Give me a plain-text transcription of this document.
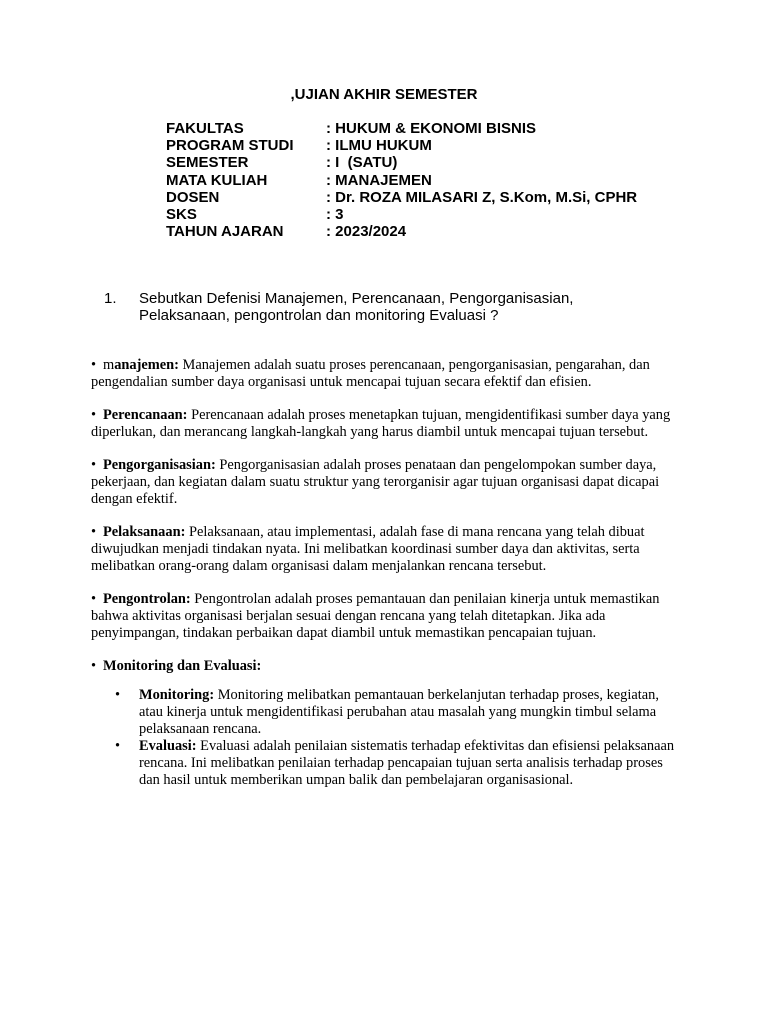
,UJIAN AKHIR SEMESTER
FAKULTAS	: HUKUM & EKONOMI BISNIS
PROGRAM STUDI	: ILMU HUKUM
SEMESTER	: I  (SATU)
MATA KULIAH	: MANAJEMEN
DOSEN	: Dr. ROZA MILASARI Z, S.Kom, M.Si, CPHR
SKS	: 3
TAHUN AJARAN	: 2023/2024
1.	Sebutkan Defenisi Manajemen, Perencanaan, Pengorganisasian, Pelaksanaan, pengontrolan dan monitoring Evaluasi ?
• manajemen: Manajemen adalah suatu proses perencanaan, pengorganisasian, pengarahan, dan pengendalian sumber daya organisasi untuk mencapai tujuan secara efektif dan efisien.
• Perencanaan: Perencanaan adalah proses menetapkan tujuan, mengidentifikasi sumber daya yang diperlukan, dan merancang langkah-langkah yang harus diambil untuk mencapai tujuan tersebut.
• Pengorganisasian: Pengorganisasian adalah proses penataan dan pengelompokan sumber daya, pekerjaan, dan kegiatan dalam suatu struktur yang terorganisir agar tujuan organisasi dapat dicapai dengan efektif.
• Pelaksanaan: Pelaksanaan, atau implementasi, adalah fase di mana rencana yang telah dibuat diwujudkan menjadi tindakan nyata. Ini melibatkan koordinasi sumber daya dan aktivitas, serta melibatkan orang-orang dalam organisasi dalam menjalankan rencana tersebut.
• Pengontrolan: Pengontrolan adalah proses pemantauan dan penilaian kinerja untuk memastikan bahwa aktivitas organisasi berjalan sesuai dengan rencana yang telah ditetapkan. Jika ada penyimpangan, tindakan perbaikan dapat diambil untuk memastikan pencapaian tujuan.
• Monitoring dan Evaluasi:
•	Monitoring: Monitoring melibatkan pemantauan berkelanjutan terhadap proses, kegiatan, atau kinerja untuk mengidentifikasi perubahan atau masalah yang mungkin timbul selama pelaksanaan rencana.
•	Evaluasi: Evaluasi adalah penilaian sistematis terhadap efektivitas dan efisiensi pelaksanaan rencana. Ini melibatkan penilaian terhadap pencapaian tujuan serta analisis terhadap proses dan hasil untuk memberikan umpan balik dan pembelajaran organisasional.
